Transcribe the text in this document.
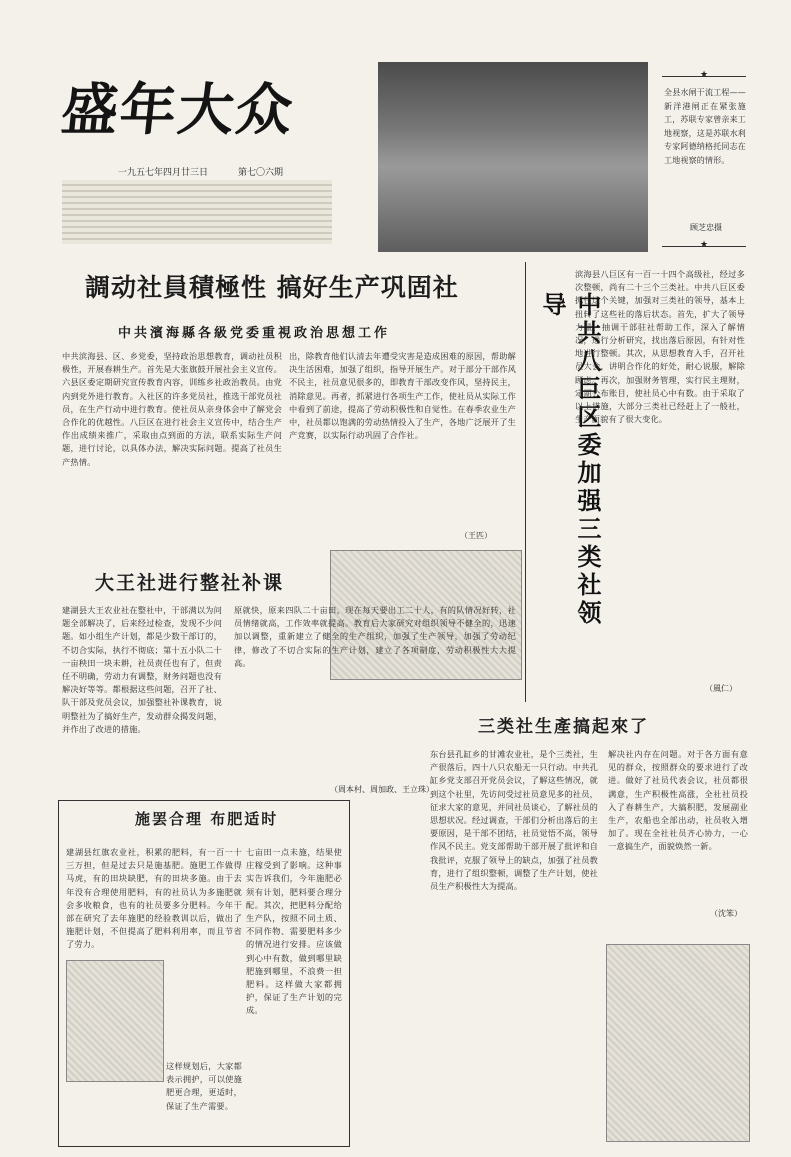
盛年大众
一九五七年四月廿三日	第七〇六期
★
全县水闸干流工程——新洋港闸正在紧张施工，苏联专家曾亲来工地视察，这是苏联水利专家阿德纳格托同志在工地视察的情形。
顾芝忠摄
★
調动社員積極性 搞好生产巩固社
中共濱海縣各級党委重視政治思想工作
中共滨海县、区、乡党委，坚持政治思想教育，调动社员积极性，开展春耕生产。首先是大张旗鼓开展社会主义宣传。六县区委定期研究宣传教育内容，训练乡社政治教员。由党内到党外进行教育。入社区的许多党员社，推选干部党员社员，在生产行动中进行教育。使社员从亲身体会中了解党会合作化的优越性。八巨区在进行社会主义宣传中，结合生产作出成绩来推广，采取由点到面的方法，联系实际生产问题，进行讨论，以具体办法，解决实际问题。提高了社员生产热情。
出，除教育他们认清去年遭受灾害是造成困难的原因，帮助解决生活困难，加强了组织，指导开展生产。对于部分干部作风不民主，社员意见很多的，即教育干部改变作风，坚持民主，消除意见。再者，抓紧进行各项生产工作，使社员从实际工作中看到了前途，提高了劳动积极性和自觉性。在春季农业生产中，社员都以饱满的劳动热情投入了生产，各地广泛展开了生产竞赛，以实际行动巩固了合作社。
（王匹）	中共八巨区委加强三类社领导
滨海县八巨区有一百一十四个高级社，经过多次整顿，尚有二十三个三类社。中共八巨区委抓住这个关键，加强对三类社的领导，基本上扭转了这些社的落后状态。首先，扩大了领导力量，抽调干部驻社帮助工作，深入了解情况，进行分析研究，找出落后原因，有针对性地进行整顿。其次，从思想教育入手，召开社员大会，讲明合作化的好处，耐心说服，解除顾虑。再次，加强财务管理，实行民主理财，定期公布账目，使社员心中有数。由于采取了以上措施，大部分三类社已经赶上了一般社，生产面貌有了很大变化。
（風仁）
大王社进行整社补课
建湖县大王农业社在整社中，干部满以为问题全部解决了，后来经过检查，发现不少问题。如小组生产计划，都是少数干部订的，不切合实际，执行不彻底；第十五小队二十一亩秧田一块未耕，社员责任也有了，但责任不明确，劳动力有调整，财务问题也没有解决好等等。都根据这些问题，召开了社、队干部及党员会议，加强整社补课教育，说明整社为了搞好生产，发动群众揭发问题，并作出了改进的措施。
原就快，原来四队二十亩田，现在每天要出工二十人，有的队情况好转，社员情绪就高，工作效率就提高。教育后大家研究对组织领导不健全的，迅速加以调整，重新建立了健全的生产组织，加强了生产领导，加强了劳动纪律，修改了不切合实际的生产计划，建立了各项制度，劳动积极性大大提高。
（周本村、周加政、王立珠）
施罢合理 布肥适时
建湖县红旗农业社，积累的肥料，有一百一十三万担，但是过去只是施基肥。施肥工作做得马虎，有的田块缺肥，有的田块多施。由于去年没有合理使用肥料，有的社员认为多施肥就会多收粮食，也有的社员要多分肥料。今年干部在研究了去年施肥的经验教训以后，做出了施肥计划，不但提高了肥料利用率，而且节省了劳力。
七亩田一点未施，结果使庄稼受到了影响。这种事实告诉我们，今年施肥必须有计划，肥料要合理分配。其次，把肥料分配给生产队，按照不同土质、不同作物、需要肥料多少的情况进行安排。应该做到心中有数，做到哪里缺肥施到哪里，不浪费一担肥料。这样做大家都拥护，保证了生产计划的完成。
这样规划后，大家都表示拥护，可以使施肥更合理，更适时，保证了生产需要。
三类社生產搞起來了
东台县孔缸乡的甘滩农业社，是个三类社，生产很落后，四十八只农船无一只行动。中共孔缸乡党支部召开党员会议，了解这些情况，就到这个社里，先访问受过社员意见多的社员，征求大家的意见，并同社员谈心，了解社员的思想状况。经过调查，干部们分析出落后的主要原因，是干部不团结，社员觉悟不高，领导作风不民主。党支部帮助干部开展了批评和自我批评，克服了领导上的缺点，加强了社员教育，进行了组织整顿，调整了生产计划，使社员生产积极性大为提高。
解决社内存在问题。对于各方面有意见的群众，按照群众的要求进行了改进。做好了社员代表会议，社员都很满意，生产积极性高涨，全社社员投入了春耕生产，大搞积肥，发展副业生产，农船也全部出动，社员收入增加了。现在全社社员齐心协力，一心一意搞生产，面貌焕然一新。
（沈笨）
